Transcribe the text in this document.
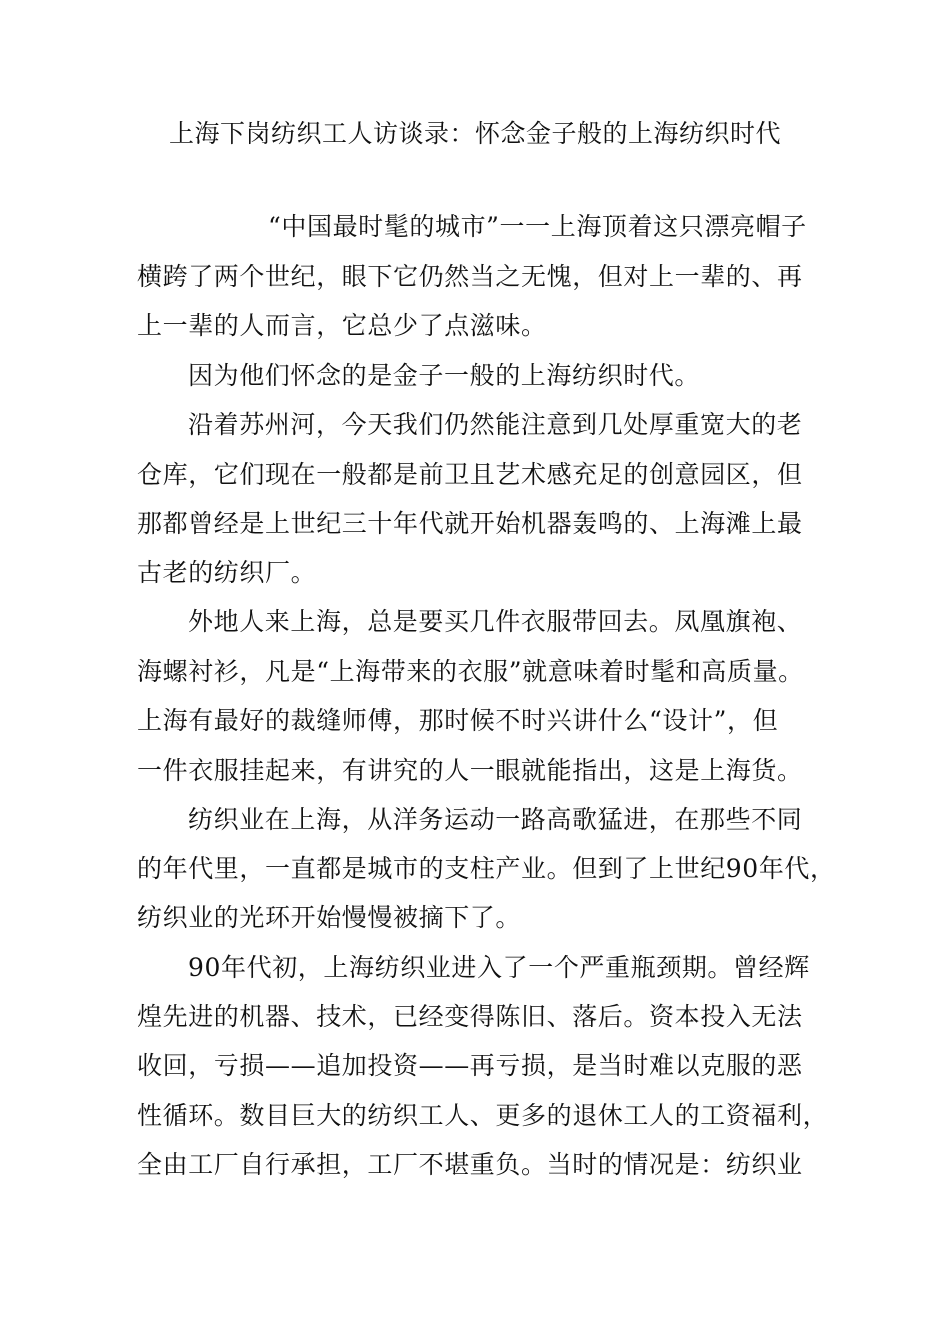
上海下岗纺织工人访谈录：怀念金子般的上海纺织时代
“中国最时髦的城市”一一上海顶着这只漂亮帽子
横跨了两个世纪，眼下它仍然当之无愧，但对上一辈的、再
上一辈的人而言，它总少了点滋味。
因为他们怀念的是金子一般的上海纺织时代。
沿着苏州河，今天我们仍然能注意到几处厚重宽大的老
仓库，它们现在一般都是前卫且艺术感充足的创意园区，但
那都曾经是上世纪三十年代就开始机器轰鸣的、上海滩上最
古老的纺织厂。
外地人来上海，总是要买几件衣服带回去。凤凰旗袍、
海螺衬衫，凡是“上海带来的衣服”就意味着时髦和高质量。
上海有最好的裁缝师傅，那时候不时兴讲什么“设计”，但
一件衣服挂起来，有讲究的人一眼就能指出，这是上海货。
纺织业在上海，从洋务运动一路高歌猛进，在那些不同
的年代里，一直都是城市的支柱产业。但到了上世纪90年代，
纺织业的光环开始慢慢被摘下了。
90年代初，上海纺织业进入了一个严重瓶颈期。曾经辉
煌先进的机器、技术，已经变得陈旧、落后。资本投入无法
收回，亏损——追加投资——再亏损，是当时难以克服的恶
性循环。数目巨大的纺织工人、更多的退休工人的工资福利，
全由工厂自行承担，工厂不堪重负。当时的情况是：纺织业
